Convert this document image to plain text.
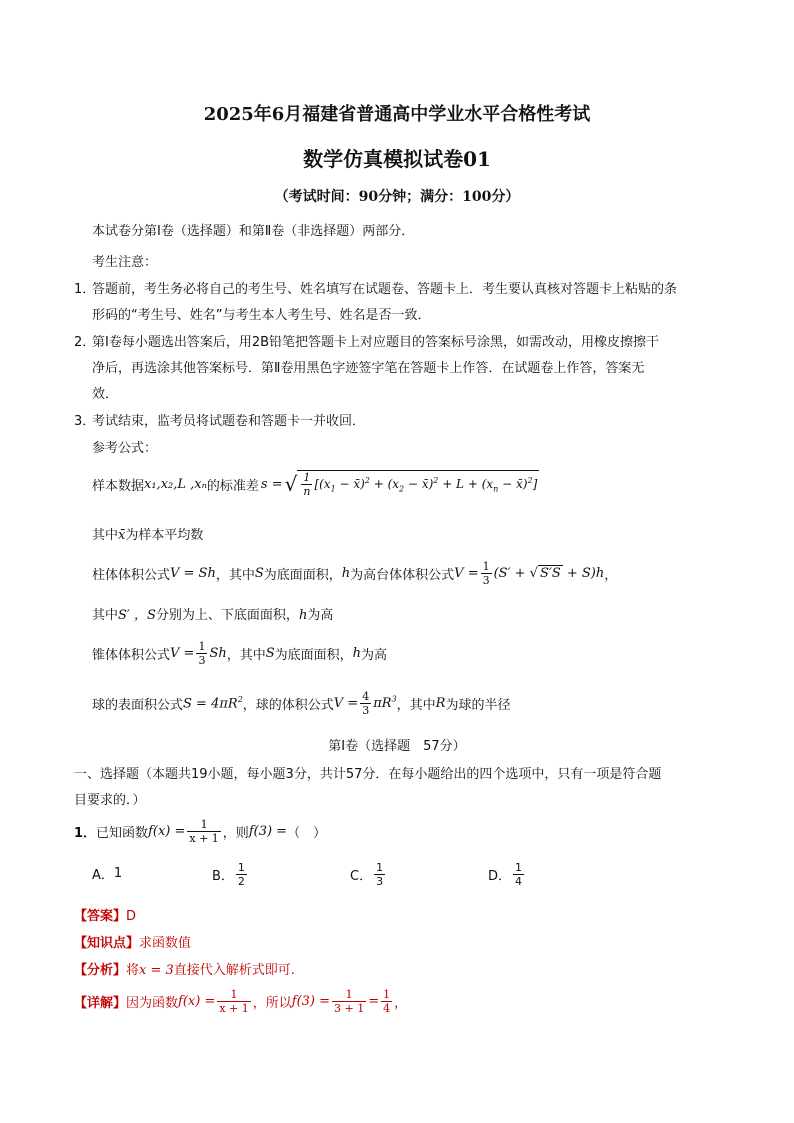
2025年6月福建省普通高中学业水平合格性考试
数学仿真模拟试卷01
（考试时间：90分钟；满分：100分）
本试卷分第Ⅰ卷（选择题）和第Ⅱ卷（非选择题）两部分．
考生注意：
1．
答题前，考生务必将自己的考生号、姓名填写在试题卷、答题卡上．考生要认真核对答题卡上粘贴的条
形码的“考生号、姓名”与考生本人考生号、姓名是否一致．
2．
第Ⅰ卷每小题选出答案后，用2B铅笔把答题卡上对应题目的答案标号涂黑，如需改动，用橡皮擦擦干
净后，再选涂其他答案标号．第Ⅱ卷用黑色字迹签字笔在答题卡上作答．在试题卷上作答，答案无
效．
3．
考试结束，监考员将试题卷和答题卡一并收回．
参考公式：
样本数据 x₁,x₂,L ,xₙ 的标准差 s = √ $\frac{1}{n} [(x_1$ − x̄)$^2$ + ($x_2$ − x̄)$^2$ + $L + (x_n$ − x̄)$^2$]
其中x̄为样本平均数
柱体体积公式 V = Sh ，其中 S 为底面面积， h 为高台体体积公式 $V = \frac{1}{3} (S'$ + √ S′S + S)h ，
其中S′ ，S分别为上、下底面面积，h为高
锥体体积公式 $V = \frac{1}{3}$ Sh ，其中 S 为底面面积， h 为高
球的表面积公式 $S = 4\pi R^2$ ，球的体积公式 $V = \frac{4}{3} \pi R^3$ ，其中 R 为球的半径
第Ⅰ卷（选择题　57分）
一、选择题（本题共19小题，每小题3分，共计57分．在每小题给出的四个选项中，只有一项是符合题
目要求的．）
1． 已知函数 $f(x) = \frac{1}{x + 1}$ ，则 f(3) = （　）
A． 1	B． $\frac{1}{2}$	C． $\frac{1}{3}$	D． $\frac{1}{4}$
【答案】D
【知识点】求函数值
【分析】将x = 3直接代入解析式即可.
【详解】 因为函数 $f(x) = \frac{1}{x + 1}$ ，所以 $f(3) = \frac{1}{3 + 1} = \frac{1}{4}$ ，
